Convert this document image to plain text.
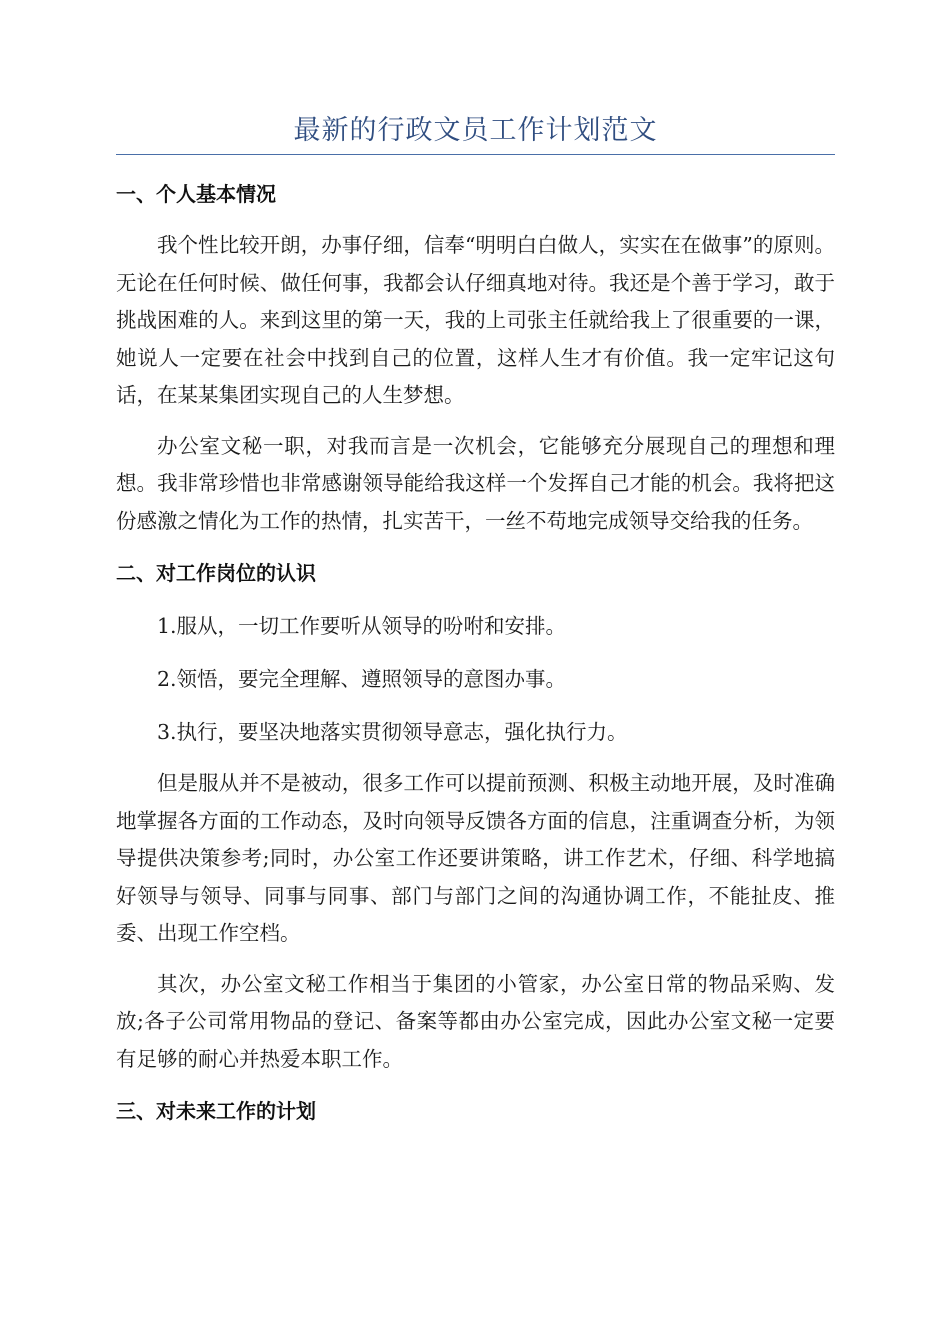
最新的行政文员工作计划范文
一、个人基本情况

我个性比较开朗，办事仔细，信奉“明明白白做人，实实在在做事”的原则。无论在任何时候、做任何事，我都会认仔细真地对待。我还是个善于学习，敢于挑战困难的人。来到这里的第一天，我的上司张主任就给我上了很重要的一课，她说人一定要在社会中找到自己的位置，这样人生才有价值。我一定牢记这句话，在某某集团实现自己的人生梦想。

办公室文秘一职，对我而言是一次机会，它能够充分展现自己的理想和理想。我非常珍惜也非常感谢领导能给我这样一个发挥自己才能的机会。我将把这份感激之情化为工作的热情，扎实苦干，一丝不苟地完成领导交给我的任务。

二、对工作岗位的认识

1.服从，一切工作要听从领导的吩咐和安排。

2.领悟，要完全理解、遵照领导的意图办事。

3.执行，要坚决地落实贯彻领导意志，强化执行力。

但是服从并不是被动，很多工作可以提前预测、积极主动地开展，及时准确地掌握各方面的工作动态，及时向领导反馈各方面的信息，注重调查分析，为领导提供决策参考;同时，办公室工作还要讲策略，讲工作艺术，仔细、科学地搞好领导与领导、同事与同事、部门与部门之间的沟通协调工作，不能扯皮、推委、出现工作空档。

其次，办公室文秘工作相当于集团的小管家，办公室日常的物品采购、发放;各子公司常用物品的登记、备案等都由办公室完成，因此办公室文秘一定要有足够的耐心并热爱本职工作。

三、对未来工作的计划
